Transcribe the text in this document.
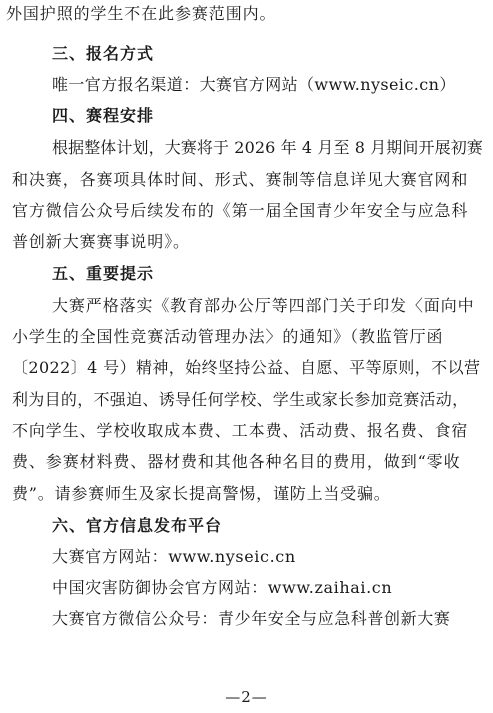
外国护照的学生不在此参赛范围内。
三、报名方式
唯一官方报名渠道：大赛官方网站（www.nyseic.cn）
四、赛程安排
根据整体计划，大赛将于 2026 年 4 月至 8 月期间开展初赛
和决赛，各赛项具体时间、形式、赛制等信息详见大赛官网和
官方微信公众号后续发布的《第一届全国青少年安全与应急科
普创新大赛赛事说明》。
五、重要提示
大赛严格落实《教育部办公厅等四部门关于印发〈面向中
小学生的全国性竞赛活动管理办法〉的通知》（教监管厅函
〔2022〕4 号）精神，始终坚持公益、自愿、平等原则，不以营
利为目的，不强迫、诱导任何学校、学生或家长参加竞赛活动，
不向学生、学校收取成本费、工本费、活动费、报名费、食宿
费、参赛材料费、器材费和其他各种名目的费用，做到“零收
费”。请参赛师生及家长提高警惕，谨防上当受骗。
六、官方信息发布平台
大赛官方网站：www.nyseic.cn
中国灾害防御协会官方网站：www.zaihai.cn
大赛官方微信公众号：青少年安全与应急科普创新大赛
—2—
